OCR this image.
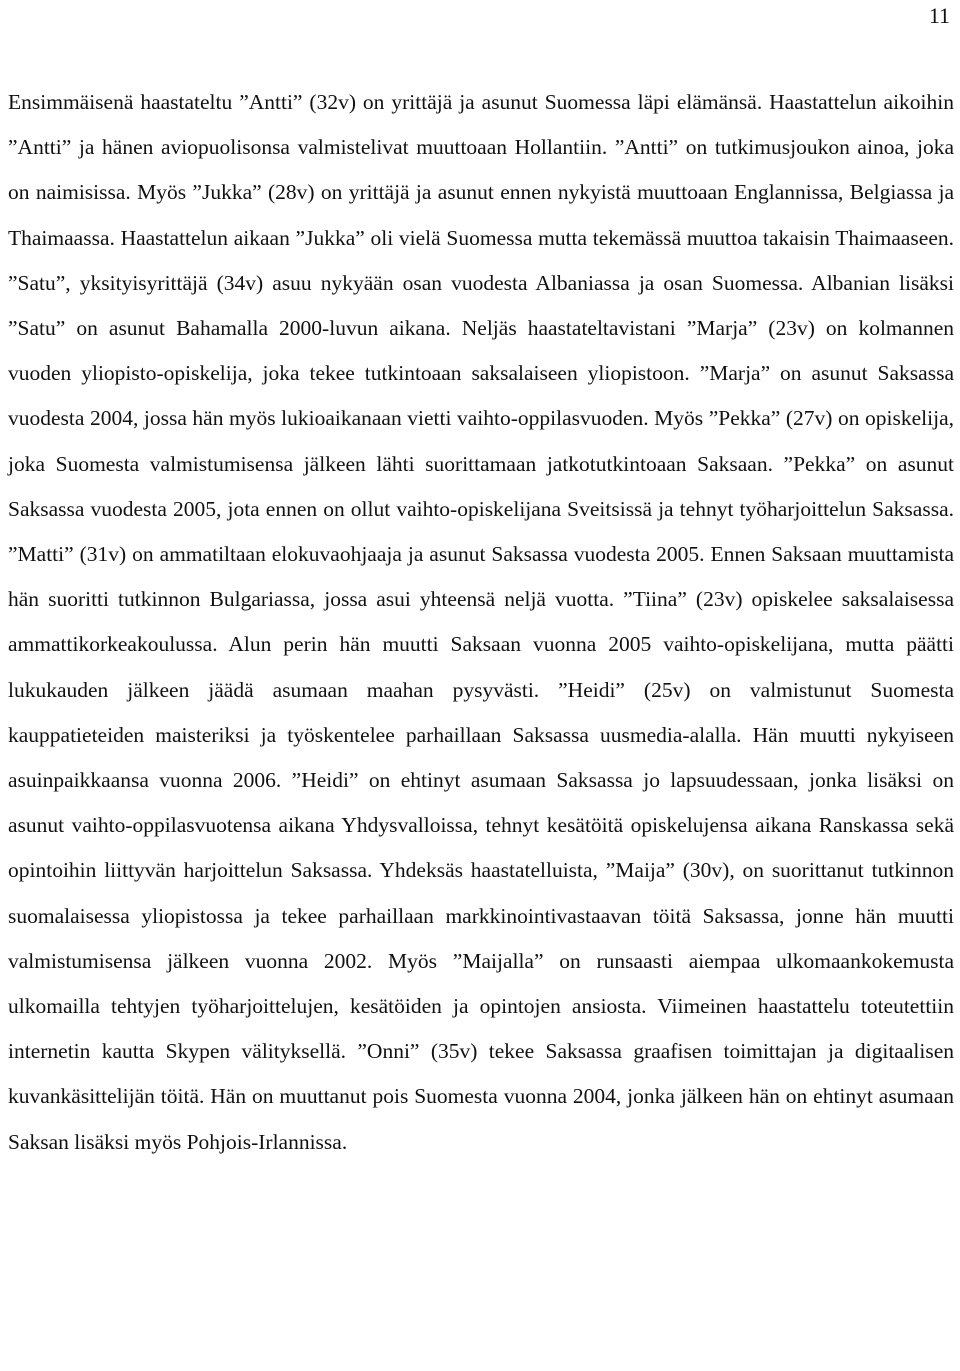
11

Ensimmäisenä haastateltu ”Antti” (32v) on yrittäjä ja asunut Suomessa läpi elämänsä. Haastattelun aikoihin ”Antti” ja hänen aviopuolisonsa valmistelivat muuttoaan Hollantiin. ”Antti” on tutkimusjoukon ainoa, joka on naimisissa. Myös ”Jukka” (28v) on yrittäjä ja asunut ennen nykyistä muuttoaan Englannissa, Belgiassa ja Thaimaassa. Haastattelun aikaan ”Jukka” oli vielä Suomessa mutta tekemässä muuttoa takaisin Thaimaaseen. ”Satu”, yksityisyrittäjä (34v) asuu nykyään osan vuodesta Albaniassa ja osan Suomessa. Albanian lisäksi ”Satu” on asunut Bahamalla 2000-luvun aikana. Neljäs haastateltavistani ”Marja” (23v) on kolmannen vuoden yliopisto-opiskelija, joka tekee tutkintoaan saksalaiseen yliopistoon. ”Marja” on asunut Saksassa vuodesta 2004, jossa hän myös lukioaikanaan vietti vaihto-oppilasvuoden. Myös ”Pekka” (27v) on opiskelija, joka Suomesta valmistumisensa jälkeen lähti suorittamaan jatkotutkintoaan Saksaan. ”Pekka” on asunut Saksassa vuodesta 2005, jota ennen on ollut vaihto-opiskelijana Sveitsissä ja tehnyt työharjoittelun Saksassa. ”Matti” (31v) on ammatiltaan elokuvaohjaaja ja asunut Saksassa vuodesta 2005. Ennen Saksaan muuttamista hän suoritti tutkinnon Bulgariassa, jossa asui yhteensä neljä vuotta. ”Tiina” (23v) opiskelee saksalaisessa ammattikorkeakoulussa. Alun perin hän muutti Saksaan vuonna 2005 vaihto-opiskelijana, mutta päätti lukukauden jälkeen jäädä asumaan maahan pysyvästi. ”Heidi” (25v) on valmistunut Suomesta kauppatieteiden maisteriksi ja työskentelee parhaillaan Saksassa uusmedia-alalla. Hän muutti nykyiseen asuinpaikkaansa vuonna 2006. ”Heidi” on ehtinyt asumaan Saksassa jo lapsuudessaan, jonka lisäksi on asunut vaihto-oppilasvuotensa aikana Yhdysvalloissa, tehnyt kesätöitä opiskelujensa aikana Ranskassa sekä opintoihin liittyvän harjoittelun Saksassa. Yhdeksäs haastatelluista, ”Maija” (30v), on suorittanut tutkinnon suomalaisessa yliopistossa ja tekee parhaillaan markkinointivastaavan töitä Saksassa, jonne hän muutti valmistumisensa jälkeen vuonna 2002. Myös ”Maijalla” on runsaasti aiempaa ulkomaankokemusta ulkomailla tehtyjen työharjoittelujen, kesätöiden ja opintojen ansiosta. Viimeinen haastattelu toteutettiin internetin kautta Skypen välityksellä. ”Onni” (35v) tekee Saksassa graafisen toimittajan ja digitaalisen kuvankäsittelijän töitä. Hän on muuttanut pois Suomesta vuonna 2004, jonka jälkeen hän on ehtinyt asumaan Saksan lisäksi myös Pohjois-Irlannissa.
